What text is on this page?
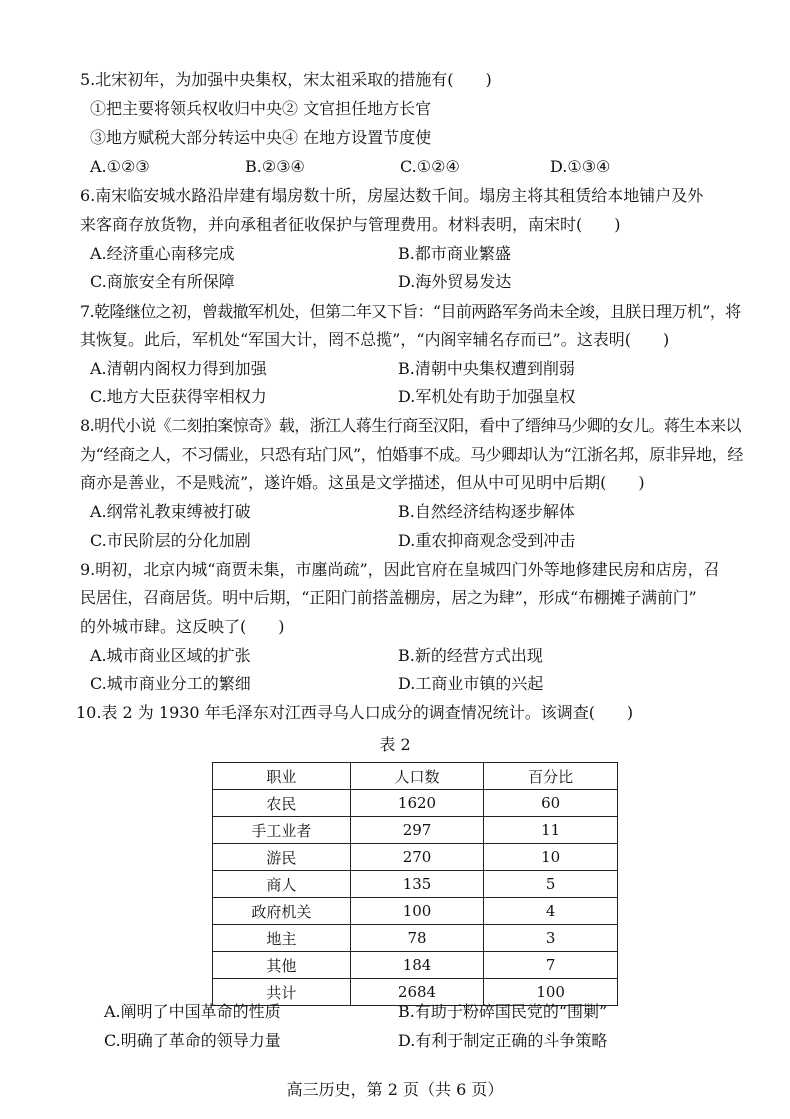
5.北宋初年，为加强中央集权，宋太祖采取的措施有(　　)
①把主要将领兵权收归中央② 文官担任地方长官
③地方赋税大部分转运中央④ 在地方设置节度使
A.①②③	B.②③④	C.①②④	D.①③④
6.南宋临安城水路沿岸建有塌房数十所，房屋达数千间。塌房主将其租赁给本地铺户及外
来客商存放货物，并向承租者征收保护与管理费用。材料表明，南宋时(　　)
A.经济重心南移完成	B.都市商业繁盛
C.商旅安全有所保障	D.海外贸易发达
7.乾隆继位之初，曾裁撤军机处，但第二年又下旨：“目前两路军务尚未全竣，且朕日理万机”，将
其恢复。此后，军机处“军国大计，罔不总揽”，“内阁宰辅名存而已”。这表明(　　)
A.清朝内阁权力得到加强	B.清朝中央集权遭到削弱
C.地方大臣获得宰相权力	D.军机处有助于加强皇权
8.明代小说《二刻拍案惊奇》载，浙江人蒋生行商至汉阳，看中了缙绅马少卿的女儿。蒋生本来以
为“经商之人，不习儒业，只恐有玷门风”，怕婚事不成。马少卿却认为“江浙名邦，原非异地，经
商亦是善业，不是贱流”，遂许婚。这虽是文学描述，但从中可见明中后期(　　)
A.纲常礼教束缚被打破	B.自然经济结构逐步解体
C.市民阶层的分化加剧	D.重农抑商观念受到冲击
9.明初，北京内城“商贾未集，市廛尚疏”，因此官府在皇城四门外等地修建民房和店房，召
民居住，召商居货。明中后期，“正阳门前搭盖棚房，居之为肆”，形成“布棚摊子满前门”
的外城市肆。这反映了(　　)
A.城市商业区域的扩张	B.新的经营方式出现
C.城市商业分工的繁细	D.工商业市镇的兴起
10.表 2 为 1930 年毛泽东对江西寻乌人口成分的调查情况统计。该调查(　　)
表 2
职业	人口数	百分比
农民	1620	60
手工业者	297	11
游民	270	10
商人	135	5
政府机关	100	4
地主	78	3
其他	184	7
共计	2684	100
A.阐明了中国革命的性质	B.有助于粉碎国民党的“围剿”
C.明确了革命的领导力量	D.有利于制定正确的斗争策略
高三历史，第 2 页（共 6 页）
